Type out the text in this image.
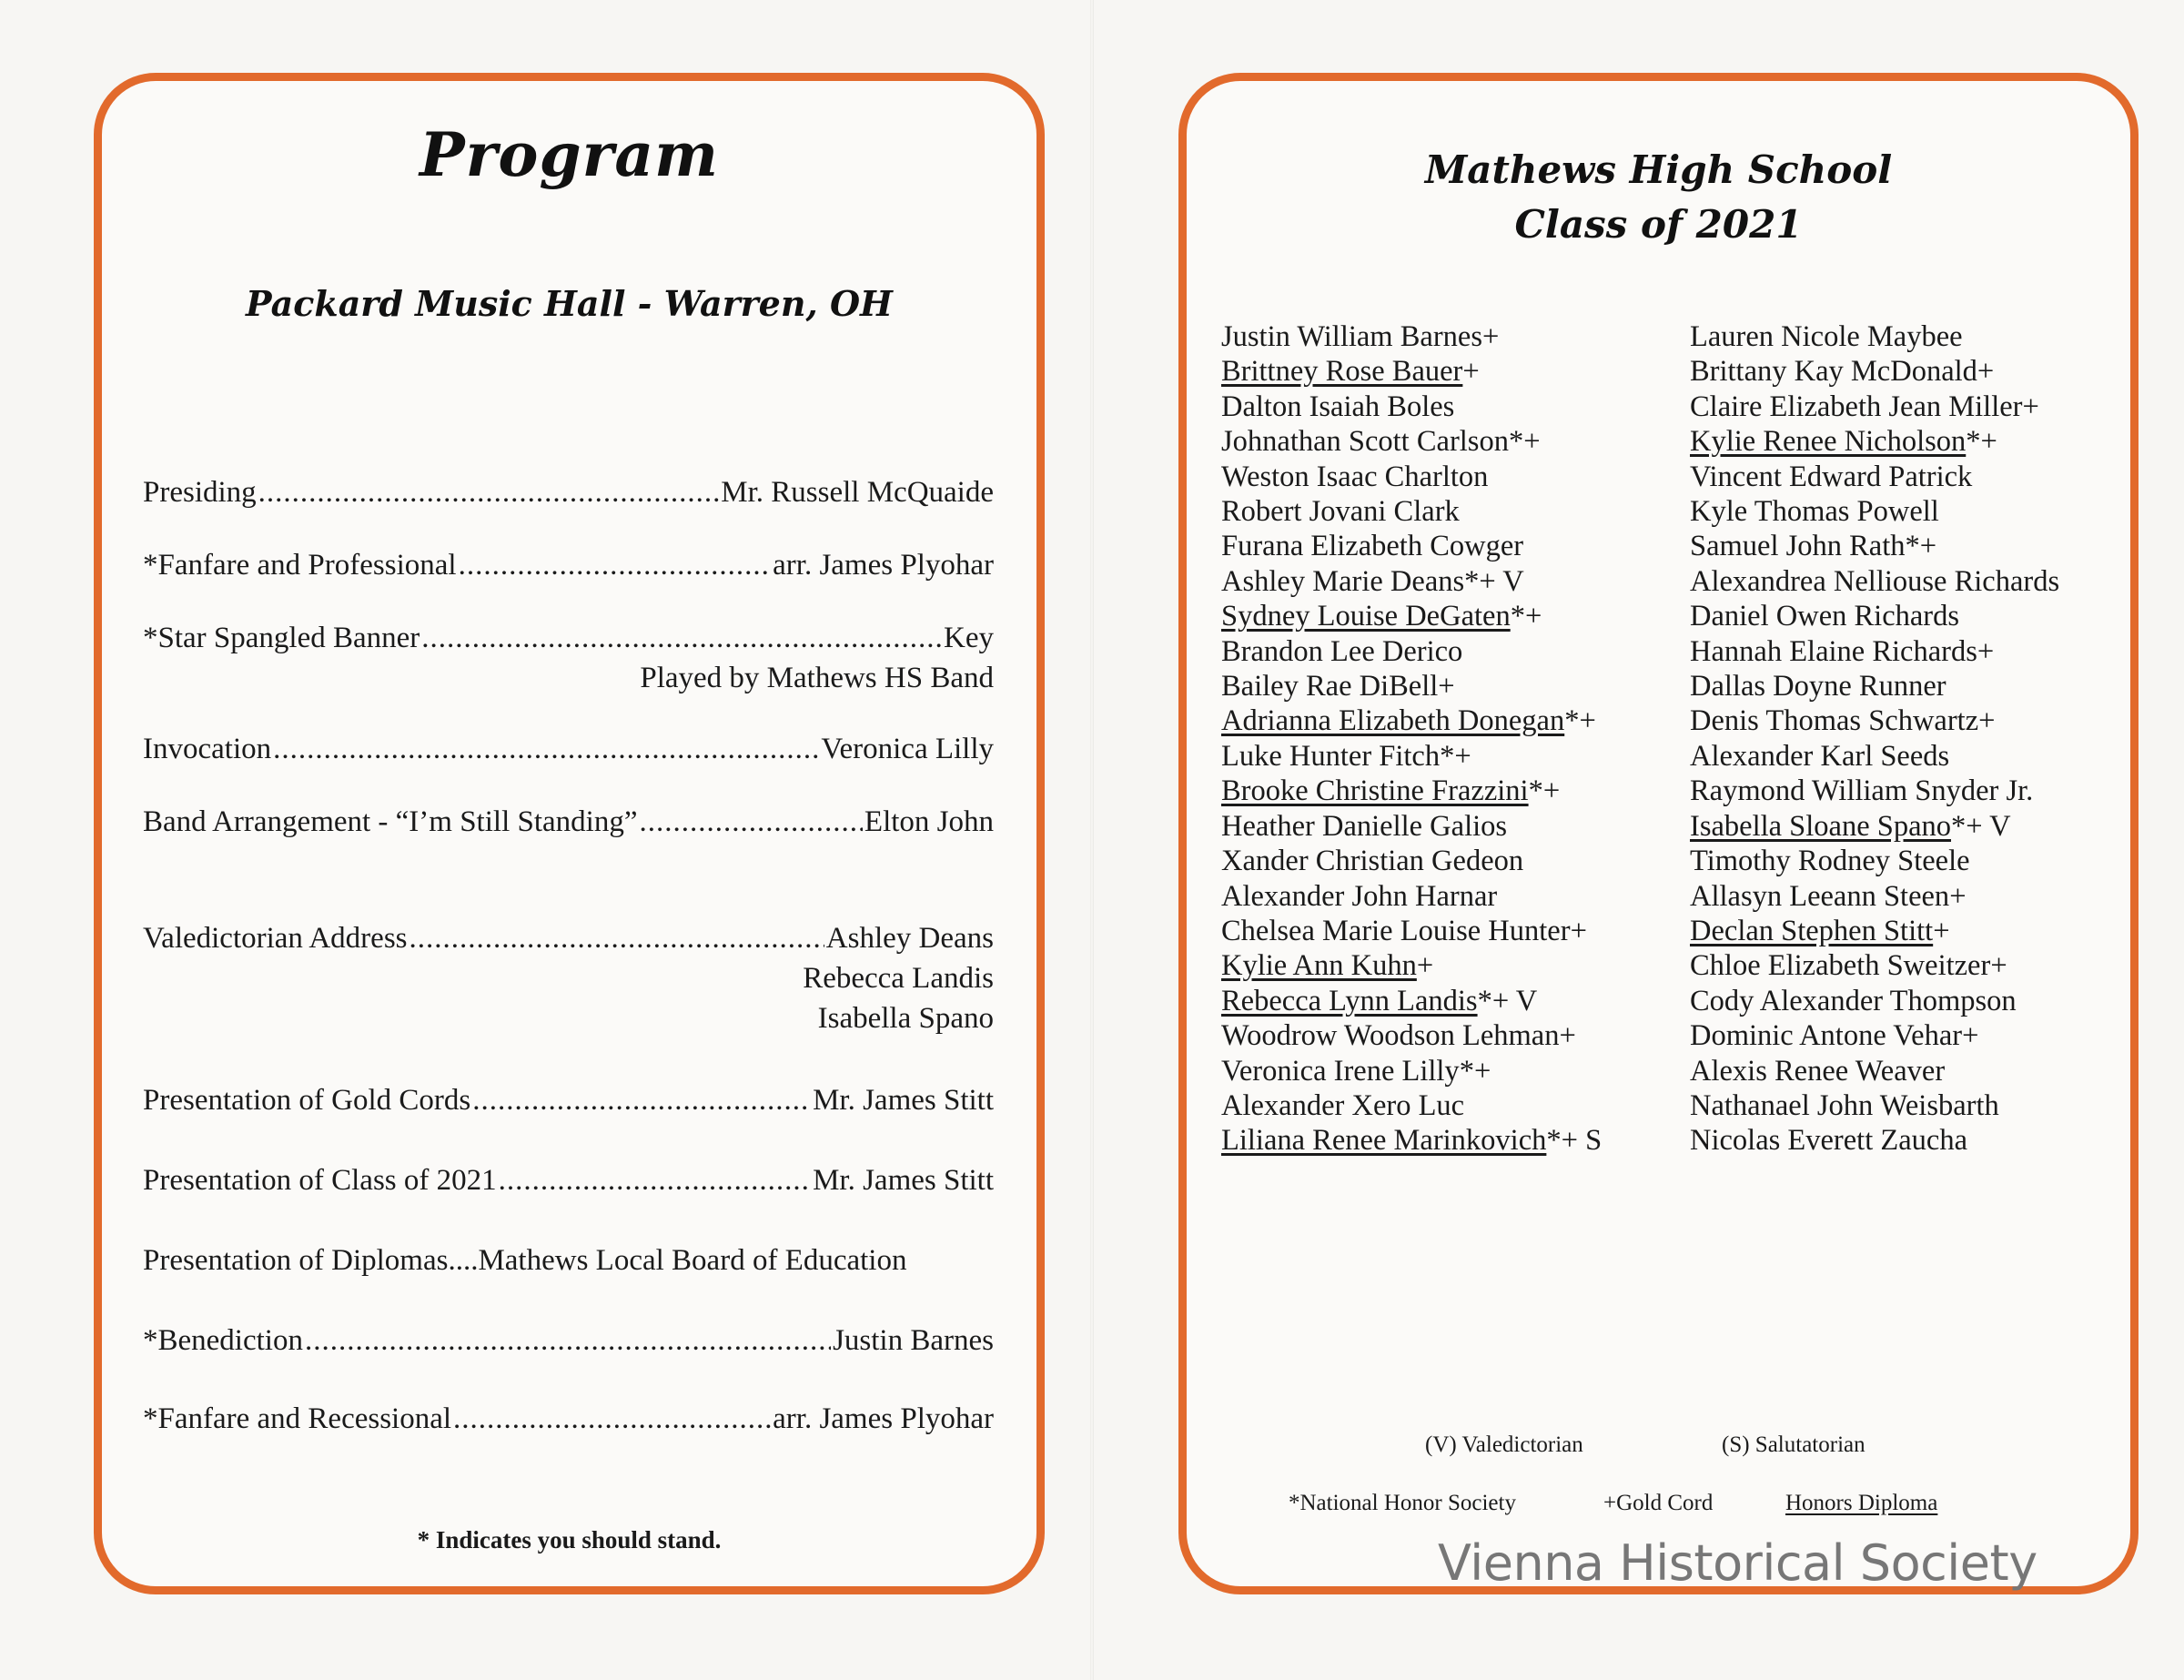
Program
Packard Music Hall - Warren, OH
Presiding .....	Mr. Russell McQuaide
*Fanfare and Professional .....	arr. James Plyohar
*Star Spangled Banner .....	Key
Played by Mathews HS Band
Invocation .....	Veronica Lilly
Band Arrangement - “I’m Still Standing” .....	Elton John
Valedictorian Address .....	Ashley Deans
Rebecca Landis
Isabella Spano
Presentation of Gold Cords .....	Mr. James Stitt
Presentation of Class of 2021 .....	Mr. James Stitt
Presentation of Diplomas....Mathews Local Board of Education
*Benediction .....	Justin Barnes
*Fanfare and Recessional .....	arr. James Plyohar
* Indicates you should stand.
Mathews High School
Class of 2021
Justin William Barnes+
Brittney Rose Bauer+
Dalton Isaiah Boles
Johnathan Scott Carlson*+
Weston Isaac Charlton
Robert Jovani Clark
Furana Elizabeth Cowger
Ashley Marie Deans*+ V
Sydney Louise DeGaten*+
Brandon Lee Derico
Bailey Rae DiBell+
Adrianna Elizabeth Donegan*+
Luke Hunter Fitch*+
Brooke Christine Frazzini*+
Heather Danielle Galios
Xander Christian Gedeon
Alexander John Harnar
Chelsea Marie Louise Hunter+
Kylie Ann Kuhn+
Rebecca Lynn Landis*+ V
Woodrow Woodson Lehman+
Veronica Irene Lilly*+
Alexander Xero Luc
Liliana Renee Marinkovich*+ S
Lauren Nicole Maybee
Brittany Kay McDonald+
Claire Elizabeth Jean Miller+
Kylie Renee Nicholson*+
Vincent Edward Patrick
Kyle Thomas Powell
Samuel John Rath*+
Alexandrea Nelliouse Richards
Daniel Owen Richards
Hannah Elaine Richards+
Dallas Doyne Runner
Denis Thomas Schwartz+
Alexander Karl Seeds
Raymond William Snyder Jr.
Isabella Sloane Spano*+ V
Timothy Rodney Steele
Allasyn Leeann Steen+
Declan Stephen Stitt+
Chloe Elizabeth Sweitzer+
Cody Alexander Thompson
Dominic Antone Vehar+
Alexis Renee Weaver
Nathanael John Weisbarth
Nicolas Everett Zaucha
(V) Valedictorian	(S) Salutatorian
*National Honor Society	+Gold Cord	Honors Diploma
Vienna Historical Society
